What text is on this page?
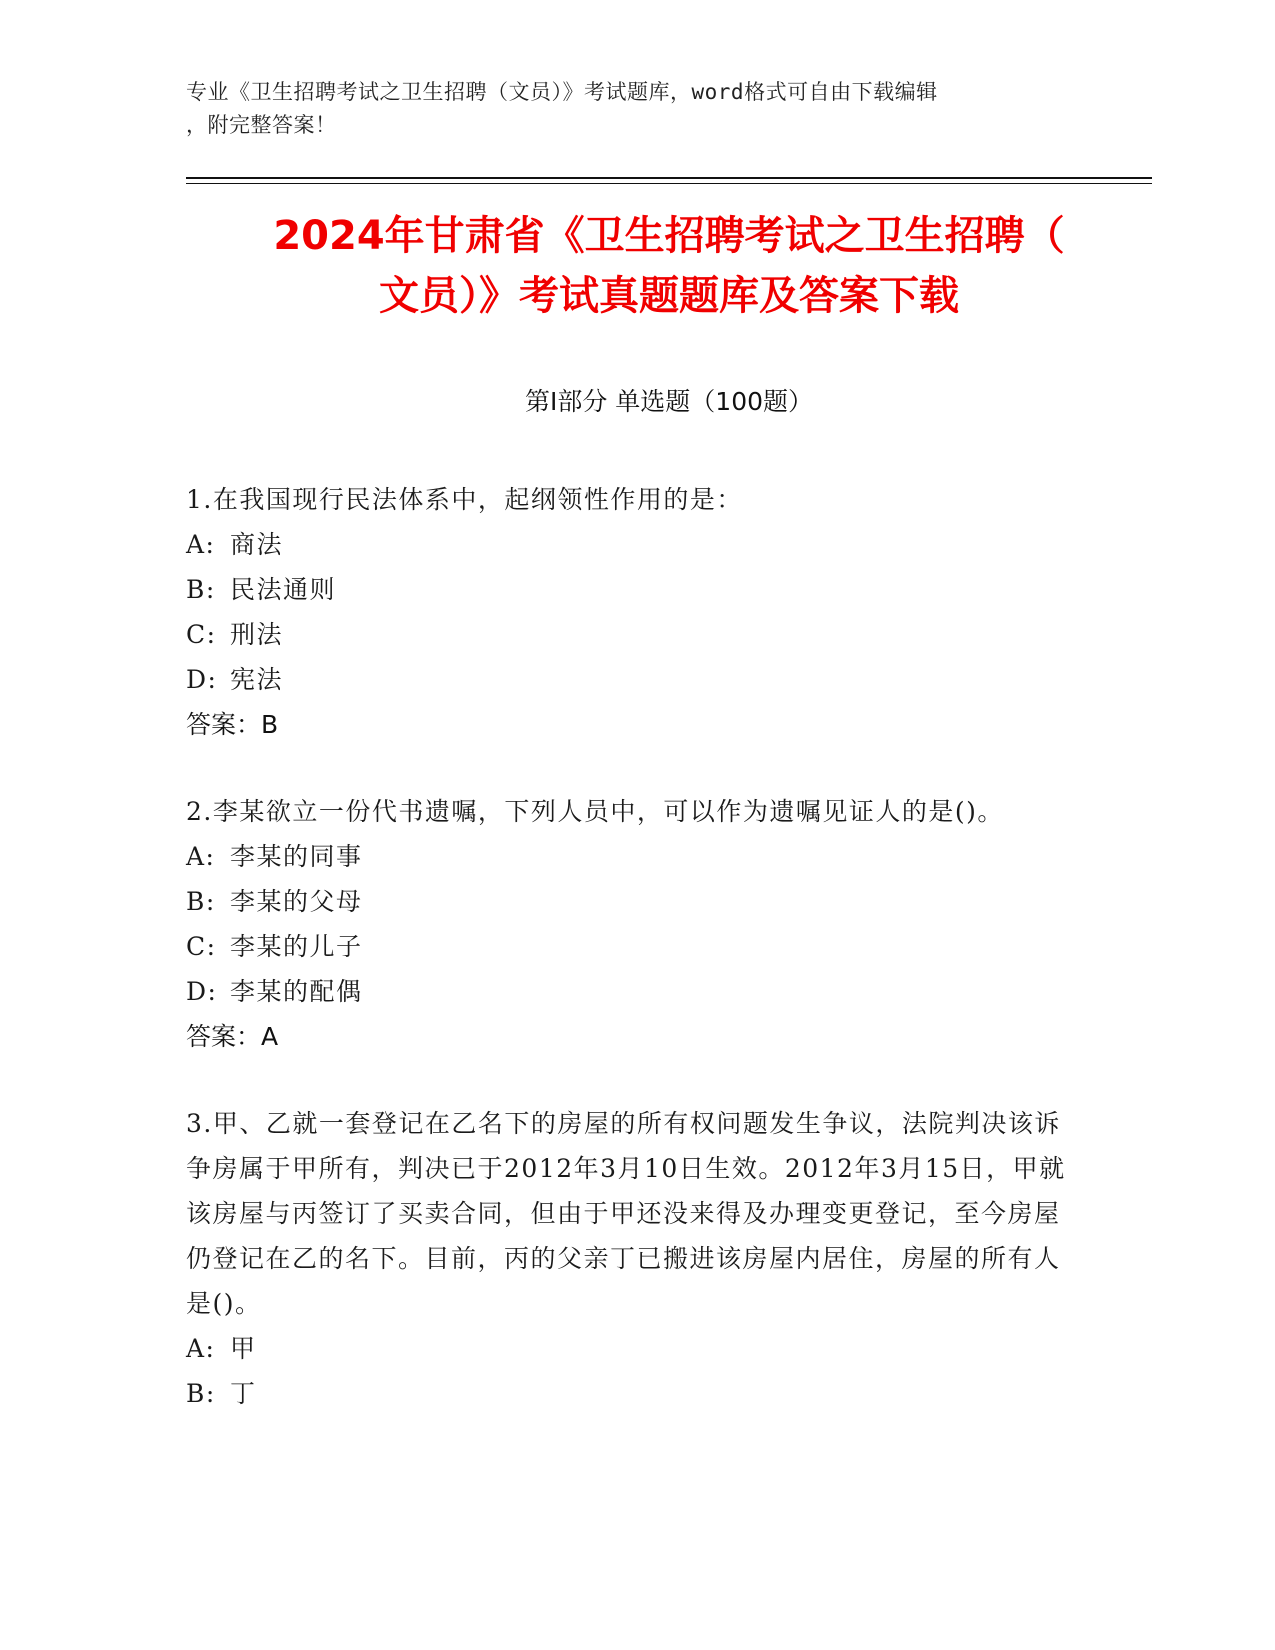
专业《卫生招聘考试之卫生招聘（文员）》考试题库，word格式可自由下载编辑
，附完整答案！
2024年甘肃省《卫生招聘考试之卫生招聘（
文员）》考试真题题库及答案下载
第Ⅰ部分 单选题（100题）
1.在我国现行民法体系中，起纲领性作用的是：
A: 商法
B: 民法通则
C: 刑法
D: 宪法
答案：B
2.李某欲立一份代书遗嘱，下列人员中，可以作为遗嘱见证人的是()。
A: 李某的同事
B: 李某的父母
C: 李某的儿子
D: 李某的配偶
答案：A
3.甲、乙就一套登记在乙名下的房屋的所有权问题发生争议，法院判决该诉争房属于甲所有，判决已于2012年3月10日生效。2012年3月15日，甲就该房屋与丙签订了买卖合同，但由于甲还没来得及办理变更登记，至今房屋仍登记在乙的名下。目前，丙的父亲丁已搬进该房屋内居住，房屋的所有人是()。
A: 甲
B: 丁
